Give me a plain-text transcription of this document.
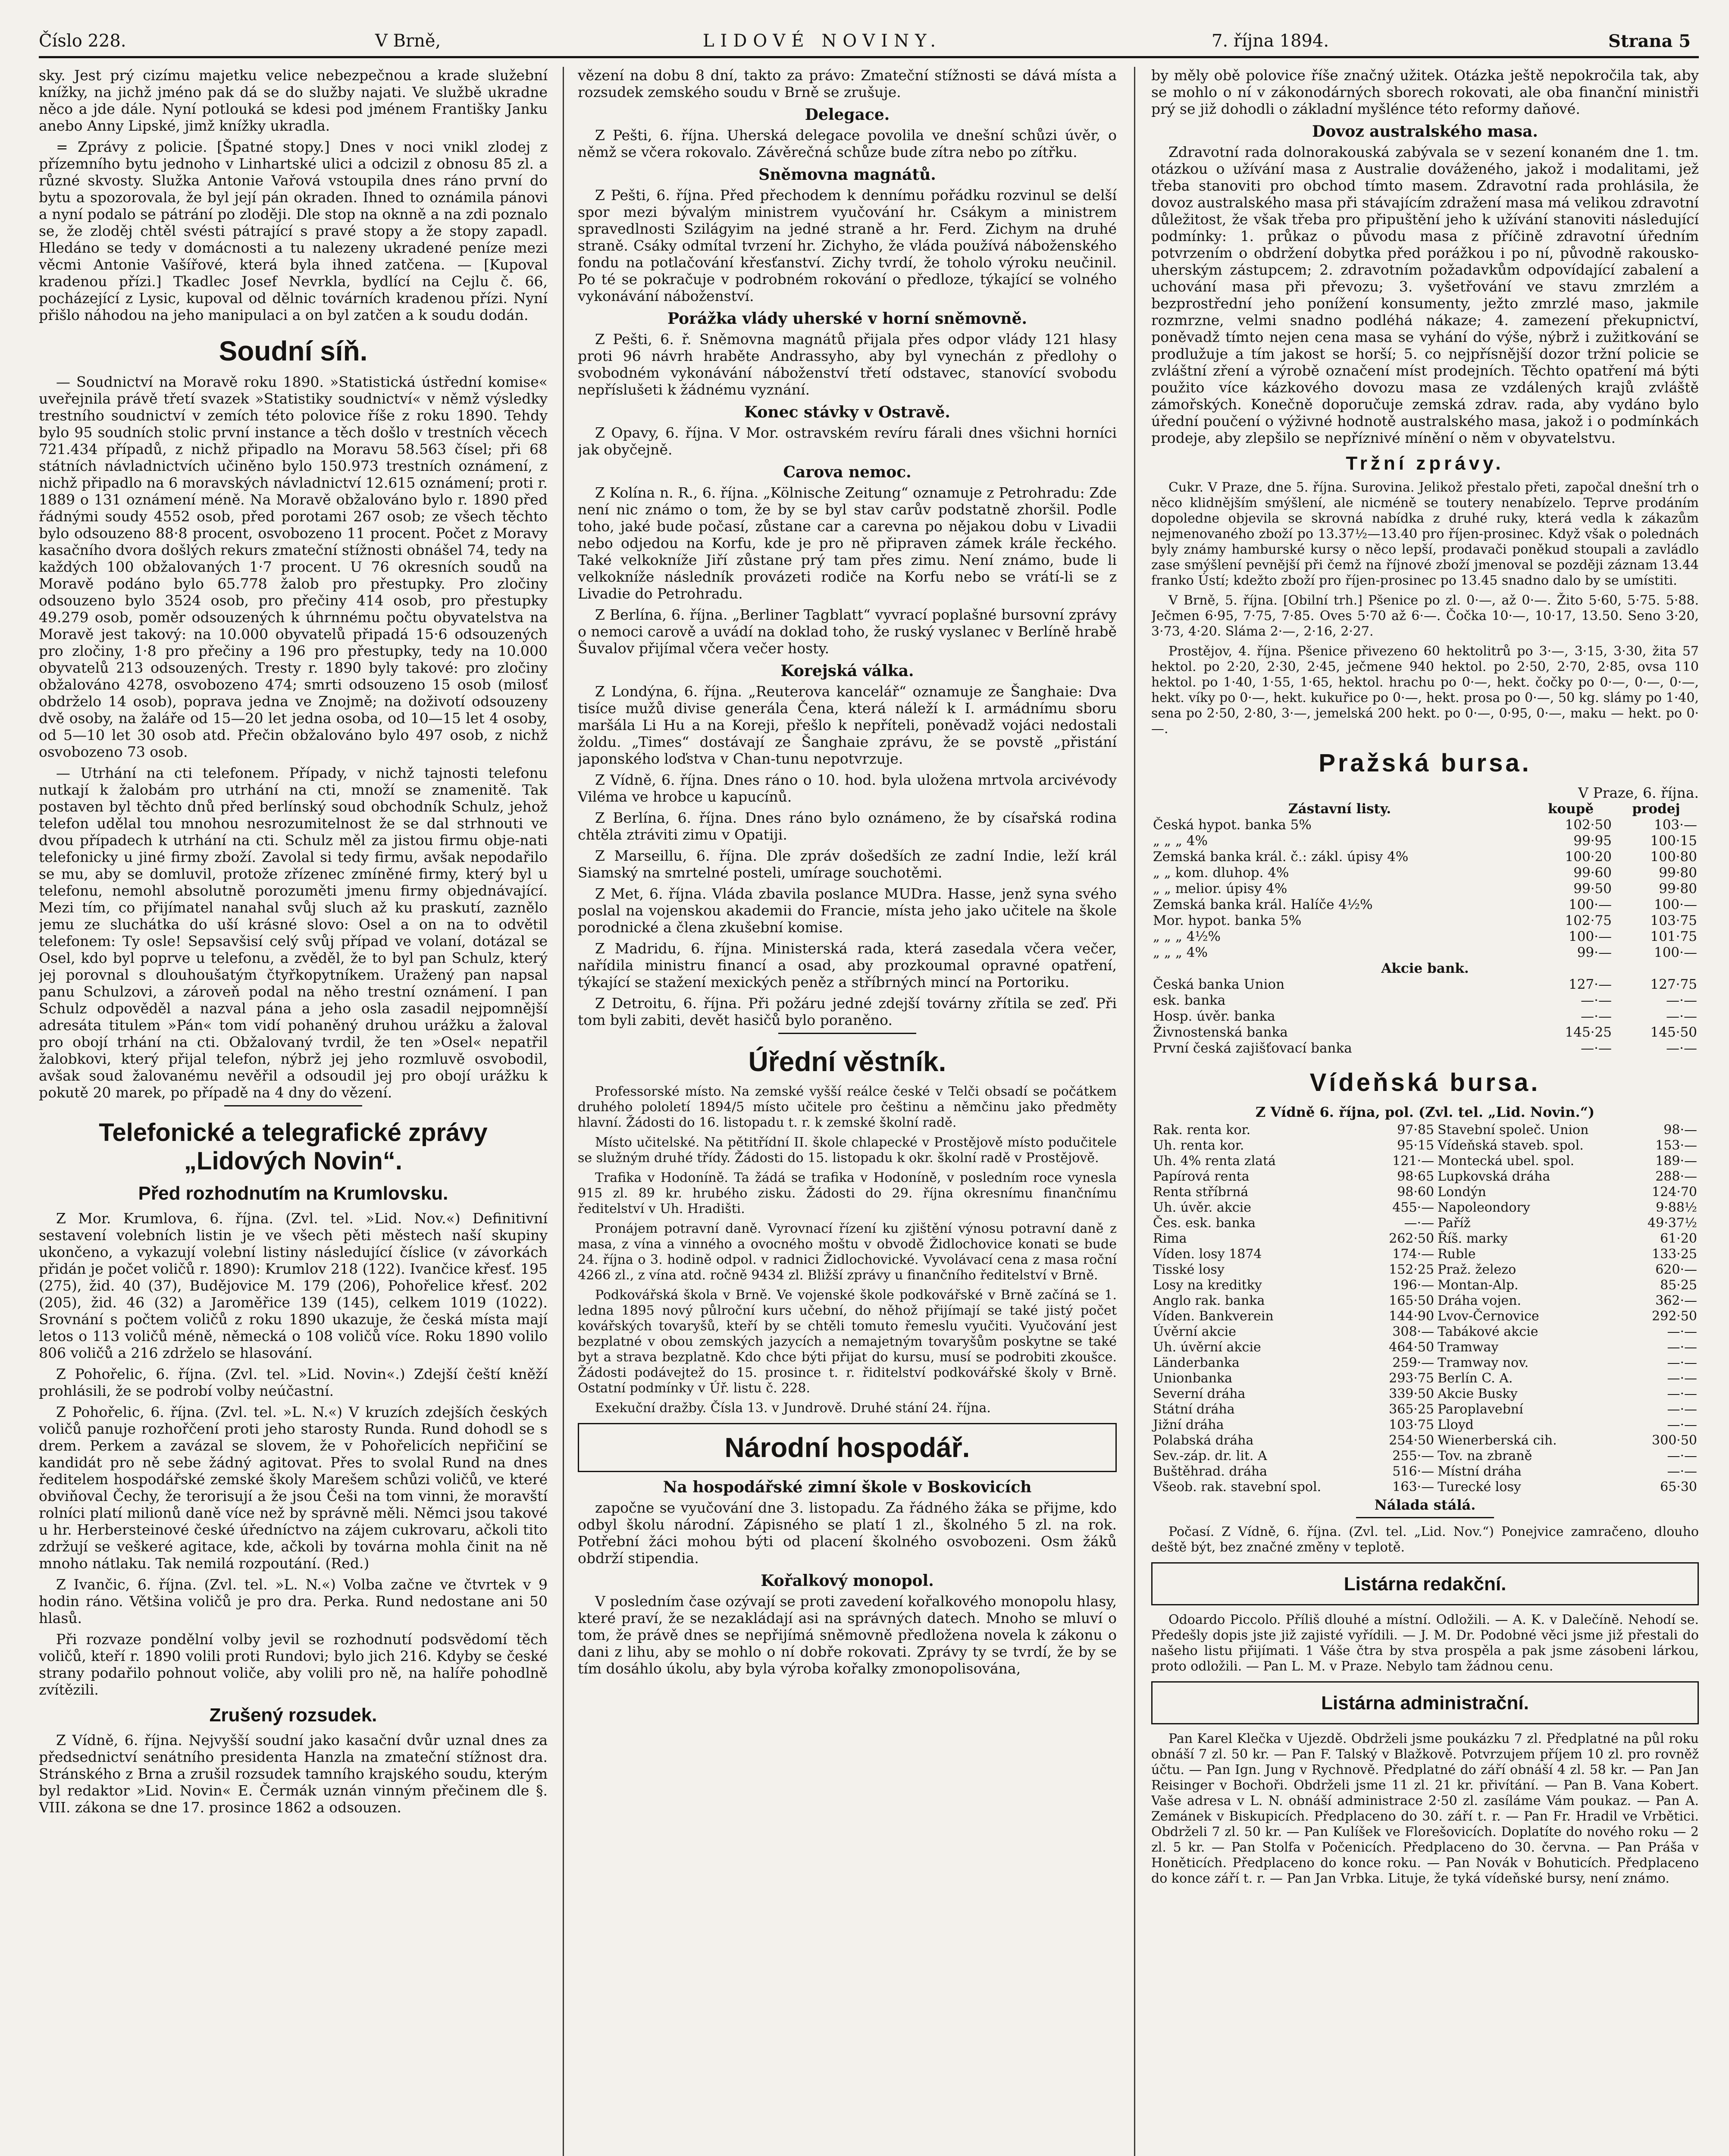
Číslo 228.	V Brně,	LIDOVÉ NOVINY.	7. října 1894.	Strana 5

sky. Jest prý cizímu majetku velice nebezpečnou a krade služební knížky, na jichž jméno pak dá se do služby najati. Ve službě ukradne něco a jde dále. Nyní potlouká se kdesi pod jménem Františky Janku anebo Anny Lipské, jimž knížky ukradla.

= Zprávy z policie. [Špatné stopy.] Dnes v noci vnikl zlodej z přízemního bytu jednoho v Linhartské ulici a odcizil z obnosu 85 zl. a různé skvosty. Služka Antonie Vařová vstoupila dnes ráno první do bytu a spozorovala, že byl její pán okraden. Ihned to oznámila pánovi a nyní podalo se pátrání po zloději. Dle stop na oknně a na zdi poznalo se, že zloděj chtěl svésti pátrající s pravé stopy a že stopy zapadl. Hledáno se tedy v domácnosti a tu nalezeny ukradené peníze mezi věcmi Antonie Vašířové, která byla ihned zatčena. — [Kupoval kradenou přízi.] Tkadlec Josef Nevrkla, bydlící na Cejlu č. 66, pocházející z Lysic, kupoval od dělnic továrních kradenou přízi. Nyní přišlo náhodou na jeho manipulaci a on byl zatčen a k soudu dodán.

Soudní síň.

— Soudnictví na Moravě roku 1890. »Statistická ústřední komise« uveřejnila právě třetí svazek »Statistiky soudnictví« v němž výsledky trestního soudnictví v zemích této polovice říše z roku 1890. Tehdy bylo 95 soudních stolic první instance a těch došlo v trestních věcech 721.434 případů, z nichž připadlo na Moravu 58.563 čísel; při 68 státních návladnictvích učiněno bylo 150.973 trestních oznámení, z nichž připadlo na 6 moravských návladnictví 12.615 oznámení; proti r. 1889 o 131 oznámení méně. Na Moravě obžalováno bylo r. 1890 před řádnými soudy 4552 osob, před porotami 267 osob; ze všech těchto bylo odsouzeno 88·8 procent, osvobozeno 11 procent. Počet z Moravy kasačního dvora došlých rekurs zmateční stížnosti obnášel 74, tedy na každých 100 obžalovaných 1·7 procent. U 76 okresních soudů na Moravě podáno bylo 65.778 žalob pro přestupky. Pro zločiny odsouzeno bylo 3524 osob, pro přečiny 414 osob, pro přestupky 49.279 osob, poměr odsouzených k úhrnnému počtu obyvatelstva na Moravě jest takový: na 10.000 obyvatelů připadá 15·6 odsouzených pro zločiny, 1·8 pro přečiny a 196 pro přestupky, tedy na 10.000 obyvatelů 213 odsouzených. Tresty r. 1890 byly takové: pro zločiny obžalováno 4278, osvobozeno 474; smrti odsouzeno 15 osob (milosť obdrželo 14 osob), poprava jedna ve Znojmě; na doživotí odsouzeny dvě osoby, na žaláře od 15—20 let jedna osoba, od 10—15 let 4 osoby, od 5—10 let 30 osob atd. Přečin obžalováno bylo 497 osob, z nichž osvobozeno 73 osob.

— Utrhání na cti telefonem. Případy, v nichž tajnosti telefonu nutkají k žalobám pro utrhání na cti, množí se znamenitě. Tak postaven byl těchto dnů před berlínský soud obchodník Schulz, jehož telefon udělal tou mnohou nesrozumitelnost že se dal strhnouti ve dvou případech k utrhání na cti. Schulz měl za jistou firmu obje-nati telefonicky u jiné firmy zboží. Zavolal si tedy firmu, avšak nepodařilo se mu, aby se domluvil, protože zřízenec zmíněné firmy, který byl u telefonu, nemohl absolutně porozuměti jmenu firmy objednávající. Mezi tím, co přijímatel nanahal svůj sluch až ku praskutí, zaznělo jemu ze sluchátka do uší krásné slovo: Osel a on na to odvětil telefonem: Ty osle! Sepsavšisí celý svůj případ ve volaní, dotázal se Osel, kdo byl poprve u telefonu, a zvěděl, že to byl pan Schulz, který jej porovnal s dlouhoušatým čtyřkopytníkem. Uražený pan napsal panu Schulzovi, a zároveň podal na něho trestní oznámení. I pan Schulz odpověděl a nazval pána a jeho osla zasadil nejpomnější adresáta titulem »Pán« tom vidí pohaněný druhou urážku a žaloval pro obojí trhání na cti. Obžalovaný tvrdil, že ten »Osel« nepatřil žalobkovi, který přijal telefon, nýbrž jej jeho rozmluvě osvobodil, avšak soud žalovanému nevěřil a odsoudil jej pro obojí urážku k pokutě 20 marek, po případě na 4 dny do vězení.

Telefonické a telegrafické zprávy „Lidových Novin“.
Před rozhodnutím na Krumlovsku.

Z Mor. Krumlova, 6. října. (Zvl. tel. »Lid. Nov.«) Definitivní sestavení volebních listin je ve všech pěti městech naší skupiny ukončeno, a vykazují volební listiny následující číslice (v závorkách přidán je počet voličů r. 1890): Krumlov 218 (122). Ivančice křesť. 195 (275), žid. 40 (37), Budějovice M. 179 (206), Pohořelice křesť. 202 (205), žid. 46 (32) a Jaroměřice 139 (145), celkem 1019 (1022). Srovnání s počtem voličů z roku 1890 ukazuje, že česká místa mají letos o 113 voličů méně, německá o 108 voličů více. Roku 1890 volilo 806 voličů a 216 zdrželo se hlasování.

Z Pohořelic, 6. října. (Zvl. tel. »Lid. Novin«.) Zdejší čeští kněží prohlásili, že se podrobí volby neúčastní.

Z Pohořelic, 6. října. (Zvl. tel. »L. N.«) V kruzích zdejších českých voličů panuje rozhořčení proti jeho starosty Runda. Rund dohodl se s drem. Perkem a zavázal se slovem, že v Pohořelicích nepřičiní se kandidát pro ně sebe žádný agitovat. Přes to svolal Rund na dnes ředitelem hospodářské zemské školy Marešem schůzi voličů, ve které obviňoval Čechy, že terorisují a že jsou Češi na tom vinni, že moravští rolníci platí milionů daně více než by správně měli. Němci jsou takové u hr. Herbersteinové české úředníctvo na zájem cukrovaru, ačkoli tito zdržují se veškeré agitace, kde, ačkoli by továrna mohla činit na ně mnoho nátlaku. Tak nemilá rozpoutání. (Red.)

Z Ivančic, 6. října. (Zvl. tel. »L. N.«) Volba začne ve čtvrtek v 9 hodin ráno. Většina voličů je pro dra. Perka. Rund nedostane ani 50 hlasů.

Při rozvaze pondělní volby jevil se rozhodnutí podsvědomí těch voličů, kteří r. 1890 volili proti Rundovi; bylo jich 216. Kdyby se české strany podařilo pohnout voliče, aby volili pro ně, na halíře pohodlně zvítězili.

Zrušený rozsudek.

Z Vídně, 6. října. Nejvyšší soudní jako kasační dvůr uznal dnes za předsednictví senátního presidenta Hanzla na zmateční stížnost dra. Stránského z Brna a zrušil rozsudek tamního krajského soudu, kterým byl redaktor »Lid. Novin« E. Čermák uznán vinným přečinem dle §. VIII. zákona se dne 17. prosince 1862 a odsouzen.

vězení na dobu 8 dní, takto za právo: Zmateční stížnosti se dává místa a rozsudek zemského soudu v Brně se zrušuje.

Delegace.

Z Pešti, 6. října. Uherská delegace povolila ve dnešní schůzi úvěr, o němž se včera rokovalo. Závěrečná schůze bude zítra nebo po zítřku.

Sněmovna magnátů.

Z Pešti, 6. října. Před přechodem k dennímu pořádku rozvinul se delší spor mezi bývalým ministrem vyučování hr. Csákym a ministrem spravedlnosti Szilágyim na jedné straně a hr. Ferd. Zichym na druhé straně. Csáky odmítal tvrzení hr. Zichyho, že vláda používá náboženského fondu na potlačování křesťanství. Zichy tvrdí, že toholo výroku neučinil. Po té se pokračuje v podrobném rokování o předloze, týkající se volného vykonávání náboženství.

Porážka vlády uherské v horní sněmovně.

Z Pešti, 6. ř. Sněmovna magnátů přijala přes odpor vlády 121 hlasy proti 96 návrh hraběte Andrassyho, aby byl vynechán z předlohy o svobodném vykonávání náboženství třetí odstavec, stanovící svobodu nepříslušeti k žádnému vyznání.

Konec stávky v Ostravě.

Z Opavy, 6. října. V Mor. ostravském revíru fárali dnes všichni horníci jak obyčejně.

Carova nemoc.

Z Kolína n. R., 6. října. „Kölnische Zeitung“ oznamuje z Petrohradu: Zde není nic známo o tom, že by se byl stav carův podstatně zhoršil. Podle toho, jaké bude počasí, zůstane car a carevna po nějakou dobu v Livadii nebo odjedou na Korfu, kde je pro ně připraven zámek krále řeckého. Také velkokníže Jiří zůstane prý tam přes zimu. Není známo, bude li velkokníže následník provázeti rodiče na Korfu nebo se vrátí-li se z Livadie do Petrohradu.

Z Berlína, 6. října. „Berliner Tagblatt“ vyvrací poplašné bursovní zprávy o nemoci carově a uvádí na doklad toho, že ruský vyslanec v Berlíně hrabě Šuvalov přijímal včera večer hosty.

Korejská válka.

Z Londýna, 6. října. „Reuterova kancelář“ oznamuje ze Šanghaie: Dva tisíce mužů divise generála Čena, která náleží k I. armádnímu sboru maršála Li Hu a na Koreji, přešlo k nepříteli, poněvadž vojáci nedostali žoldu. „Times“ dostávají ze Šanghaie zprávu, že se povstě „přistání japonského loďstva v Chan-tunu nepotvrzuje.

Z Vídně, 6. října. Dnes ráno o 10. hod. byla uložena mrtvola arcivévody Viléma ve hrobce u kapucínů.

Z Berlína, 6. října. Dnes ráno bylo oznámeno, že by císařská rodina chtěla ztráviti zimu v Opatiji.

Z Marseillu, 6. října. Dle zpráv došedších ze zadní Indie, leží král Siamský na smrtelné posteli, umírage souchotěmi.

Z Met, 6. října. Vláda zbavila poslance MUDra. Hasse, jenž syna svého poslal na vojenskou akademii do Francie, místa jeho jako učitele na škole porodnické a člena zkušební komise.

Z Madridu, 6. října. Ministerská rada, která zasedala včera večer, nařídila ministru financí a osad, aby prozkoumal opravné opatření, týkající se stažení mexických peněz a stříbrných mincí na Portoriku.

Z Detroitu, 6. října. Při požáru jedné zdejší továrny zřítila se zeď. Při tom byli zabiti, devět hasičů bylo poraněno.

Úřední věstník.

Professorské místo. Na zemské vyšší reálce české v Telči obsadí se počátkem druhého pololetí 1894/5 místo učitele pro češtinu a němčinu jako předměty hlavní. Žádosti do 16. listopadu t. r. k zemské školní radě.

Místo učitelské. Na pětitřídní II. škole chlapecké v Prostějově místo podučitele se služným druhé třídy. Žádosti do 15. listopadu k okr. školní radě v Prostějově.

Trafika v Hodoníně. Ta žádá se trafika v Hodoníně, v posledním roce vynesla 915 zl. 89 kr. hrubého zisku. Žádosti do 29. října okresnímu finančnímu ředitelství v Uh. Hradišti.

Pronájem potravní daně. Vyrovnací řízení ku zjištění výnosu potravní daně z masa, z vína a vinného a ovocného moštu v obvodě Židlochovice konati se bude 24. října o 3. hodině odpol. v radnici Židlochovické. Vyvolávací cena z masa roční 4266 zl., z vína atd. ročně 9434 zl. Bližší zprávy u finančního ředitelství v Brně.

Podkovářská škola v Brně. Ve vojenské škole podkovářské v Brně začíná se 1. ledna 1895 nový půlroční kurs učební, do něhož přijímají se také jistý počet kovářských tovaryšů, kteří by se chtěli tomuto řemeslu vyučiti. Vyučování jest bezplatné v obou zemských jazycích a nemajetným tovaryšům poskytne se také byt a strava bezplatně. Kdo chce býti přijat do kursu, musí se podrobiti zkoušce. Žádosti podávejtež do 15. prosince t. r. řiditelství podkovářské školy v Brně. Ostatní podmínky v Úř. listu č. 228.

Exekuční dražby. Čísla 13. v Jundrově. Druhé stání 24. října.

Národní hospodář.
Na hospodářské zimní škole v Boskovicích

započne se vyučování dne 3. listopadu. Za řádného žáka se přijme, kdo odbyl školu národní. Zápisného se platí 1 zl., školného 5 zl. na rok. Potřební žáci mohou býti od placení školného osvobozeni. Osm žáků obdrží stipendia.

Kořalkový monopol.

V posledním čase ozývají se proti zavedení kořalkového monopolu hlasy, které praví, že se nezakládají asi na správných datech. Mnoho se mluví o tom, že právě dnes se nepřijímá sněmovně předložena novela k zákonu o dani z lihu, aby se mohlo o ní dobře rokovati. Zprávy ty se tvrdí, že by se tím dosáhlo úkolu, aby byla výroba kořalky zmonopolisována,

by měly obě polovice říše značný užitek. Otázka ještě nepokročila tak, aby se mohlo o ní v zákonodárných sborech rokovati, ale oba finanční ministři prý se již dohodli o základní myšlénce této reformy daňové.

Dovoz australského masa.

Zdravotní rada dolnorakouská zabývala se v sezení konaném dne 1. tm. otázkou o užívání masa z Australie dováženého, jakož i modalitami, jež třeba stanoviti pro obchod tímto masem. Zdravotní rada prohlásila, že dovoz australského masa při stávajícím zdražení masa má velikou zdravotní důležitost, že však třeba pro připuštění jeho k užívání stanoviti následující podmínky: 1. průkaz o původu masa z příčině zdravotní úředním potvrzením o obdržení dobytka před porážkou i po ní, původně rakousko-uherským zástupcem; 2. zdravotním požadavkům odpovídající zabalení a uchování masa při převozu; 3. vyšetřování ve stavu zmrzlém a bezprostřední jeho ponížení konsumenty, ježto zmrzlé maso, jakmile rozmrzne, velmi snadno podléhá nákaze; 4. zamezení překupnictví, poněvadž tímto nejen cena masa se vyhání do výše, nýbrž i zužitkování se prodlužuje a tím jakost se horší; 5. co nejpřísnější dozor tržní policie se zvláštní zření a výrobě označení míst prodejních. Těchto opatření má býti použito více kázkového dovozu masa ze vzdálených krajů zvláště zámořských. Konečně doporučuje zemská zdrav. rada, aby vydáno bylo úřední poučení o výživné hodnotě australského masa, jakož i o podmínkách prodeje, aby zlepšilo se nepříznivé mínění o něm v obyvatelstvu.

Tržní zprávy.

Cukr. V Praze, dne 5. října. Surovina. Jelikož přestalo přeti, započal dnešní trh o něco klidnějším smýšlení, ale nicméně se toutery nenabízelo. Teprve prodáním dopoledne objevila se skrovná nabídka z druhé ruky, která vedla k zákazům nejmenovaného zboží po 13.37½—13.40 pro říjen-prosinec. Když však o polednách byly známy hamburské kursy o něco lepší, prodavači poněkud stoupali a zavládlo zase smýšlení pevnější při čemž na říjnové zboží jmenoval se později záznam 13.44 franko Ústí; kdežto zboží pro říjen-prosinec po 13.45 snadno dalo by se umístiti.

V Brně, 5. října. [Obilní trh.] Pšenice po zl. 0·—, až 0·—. Žito 5·60, 5·75. 5·88. Ječmen 6·95, 7·75, 7·85. Oves 5·70 až 6·—. Čočka 10·—, 10·17, 13.50. Seno 3·20, 3·73, 4·20. Sláma 2·—, 2·16, 2·27.

Prostějov, 4. října. Pšenice přivezeno 60 hektolitrů po 3·—, 3·15, 3·30, žita 57 hektol. po 2·20, 2·30, 2·45, ječmene 940 hektol. po 2·50, 2·70, 2·85, ovsa 110 hektol. po 1·40, 1·55, 1·65, hektol. hrachu po 0·—, hekt. čočky po 0·—, 0·—, 0·—, hekt. víky po 0·—, hekt. kukuřice po 0·—, hekt. prosa po 0·—, 50 kg. slámy po 1·40, sena po 2·50, 2·80, 3·—, jemelská 200 hekt. po 0·—, 0·95, 0·—, maku — hekt. po 0·—.

Pražská bursa.
V Praze, 6. října.
Zástavní listy.	koupě	prodej
Česká hypot. banka 5%	102·50	103·—
„ „ „ 4%	99·95	100·15
Zemská banka král. č.: zákl. úpisy 4%	100·20	100·80
„ „ kom. dluhop. 4%	99·60	99·80
„ „ melior. úpisy 4%	99·50	99·80
Zemská banka král. Halíče 4½%	100·—	100·—
Mor. hypot. banka 5%	102·75	103·75
„ „ „ 4½%	100·—	101·75
„ „ „ 4%	99·—	100·—
Akcie bank.		
Česká banka Union	127·—	127·75
esk. banka	—·—	—·—
Hosp. úvěr. banka	—·—	—·—
Živnostenská banka	145·25	145·50
První česká zajišťovací banka	—·—	—·—
Vídeňská bursa.
Z Vídně 6. října, pol. (Zvl. tel. „Lid. Novin.“)
Rak. renta kor.	97·85	Stavební společ. Union	98·—
Uh. renta kor.	95·15	Vídeňská staveb. spol.	153·—
Uh. 4% renta zlatá	121·—	Montecká ubel. spol.	189·—
Papírová renta	98·65	Lupkovská dráha	288·—
Renta stříbrná	98·60	Londýn	124·70
Uh. úvěr. akcie	455·—	Napoleondory	9·88½
Čes. esk. banka	—·—	Paříž	49·37½
Rima	262·50	Říš. marky	61·20
Víden. losy 1874	174·—	Ruble	133·25
Tisské losy	152·25	Praž. železo	620·—
Losy na kreditky	196·—	Montan-Alp.	85·25
Anglo rak. banka	165·50	Dráha vojen.	362·—
Víden. Bankverein	144·90	Lvov-Černovice	292·50
Úvěrní akcie	308·—	Tabákové akcie	—·—
Uh. úvěrní akcie	464·50	Tramway	—·—
Länderbanka	259·—	Tramway nov.	—·—
Unionbanka	293·75	Berlín C. A.	—·—
Severní dráha	339·50	Akcie Busky	—·—
Státní dráha	365·25	Paroplavební	—·—
Jižní dráha	103·75	Lloyd	—·—
Polabská dráha	254·50	Wienerberská cih.	300·50
Sev.-záp. dr. lit. A	255·—	Tov. na zbraně	—·—
Buštěhrad. dráha	516·—	Místní dráha	—·—
Všeob. rak. stavební spol.	163·—	Turecké losy	65·30
Nálada stálá.

Počasí. Z Vídně, 6. října. (Zvl. tel. „Lid. Nov.“) Ponejvice zamračeno, dlouho deště být, bez značné změny v teplotě.

Listárna redakční.

Odoardo Piccolo. Příliš dlouhé a místní. Odložili. — A. K. v Dalečíně. Nehodí se. Předešly dopis jste již zajisté vyřídili. — J. M. Dr. Podobné věci jsme již přestali do našeho listu přijímati. 1 Váše čtra by stva prospěla a pak jsme zásobeni lárkou, proto odložili. — Pan L. M. v Praze. Nebylo tam žádnou cenu.

Listárna administrační.

Pan Karel Klečka v Ujezdě. Obdrželi jsme poukázku 7 zl. Předplatné na půl roku obnáší 7 zl. 50 kr. — Pan F. Talský v Blažkově. Potvrzujem příjem 10 zl. pro rovněž účtu. — Pan Ign. Jung v Rychnově. Předplatné do září obnáší 4 zl. 58 kr. — Pan Jan Reisinger v Bochoři. Obdrželi jsme 11 zl. 21 kr. přivítání. — Pan B. Vana Kobert. Vaše adresa v L. N. obnáší administrace 2·50 zl. zasíláme Vám poukaz. — Pan A. Zemánek v Biskupicích. Předplaceno do 30. září t. r. — Pan Fr. Hradil ve Vrbětici. Obdrželi 7 zl. 50 kr. — Pan Kulíšek ve Florešovicích. Doplatíte do nového roku — 2 zl. 5 kr. — Pan Stolfa v Počenicích. Předplaceno do 30. června. — Pan Práša v Honěticích. Předplaceno do konce roku. — Pan Novák v Bohuticích. Předplaceno do konce září t. r. — Pan Jan Vrbka. Lituje, že tyká vídeňské bursy, není známo.
